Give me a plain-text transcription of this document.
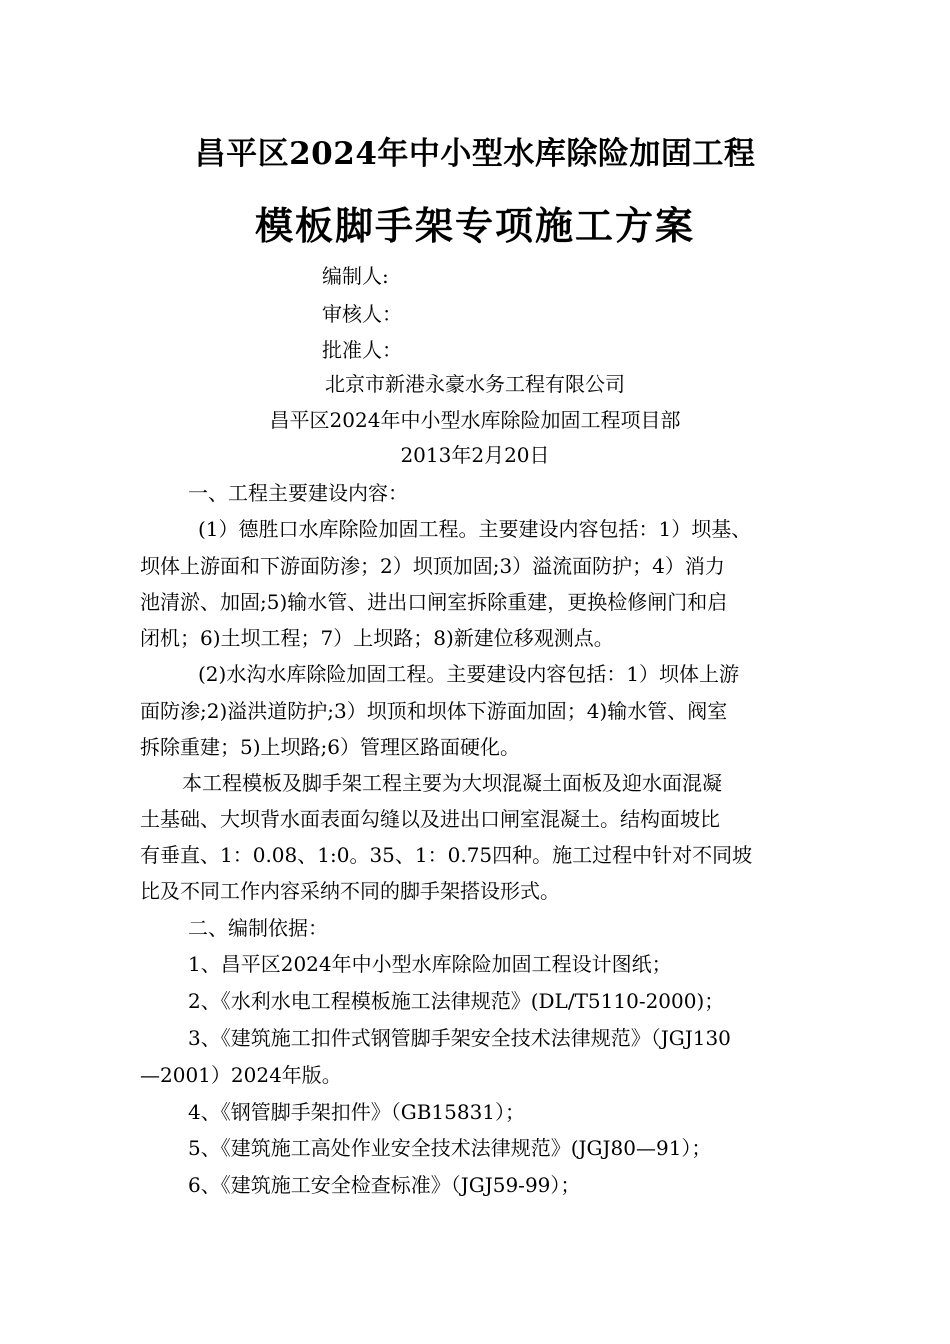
昌平区2024年中小型水库除险加固工程
模板脚手架专项施工方案
编制人:
审核人：
批准人：
北京市新港永豪水务工程有限公司
昌平区2024年中小型水库除险加固工程项目部
2013年2月20日
一、工程主要建设内容：
(1）德胜口水库除险加固工程。主要建设内容包括：1）坝基、
坝体上游面和下游面防渗；2）坝顶加固;3）溢流面防护；4）消力
池清淤、加固;5)输水管、进出口闸室拆除重建，更换检修闸门和启
闭机；6)土坝工程；7）上坝路；8)新建位移观测点。
(2)水沟水库除险加固工程。主要建设内容包括：1）坝体上游
面防渗;2)溢洪道防护;3）坝顶和坝体下游面加固；4)输水管、阀室
拆除重建；5)上坝路;6）管理区路面硬化。
本工程模板及脚手架工程主要为大坝混凝土面板及迎水面混凝
土基础、大坝背水面表面勾缝以及进出口闸室混凝土。结构面坡比
有垂直、1：0.08、1:0。35、1：0.75四种。施工过程中针对不同坡
比及不同工作内容采纳不同的脚手架搭设形式。
二、编制依据：
1、昌平区2024年中小型水库除险加固工程设计图纸；
2、《水利水电工程模板施工法律规范》(DL/T5110-2000)；
3、《建筑施工扣件式钢管脚手架安全技术法律规范》（JGJ130
—2001）2024年版。
4、《钢管脚手架扣件》（GB15831）；
5、《建筑施工高处作业安全技术法律规范》(JGJ80—91）；
6、《建筑施工安全检查标准》（JGJ59-99）；
